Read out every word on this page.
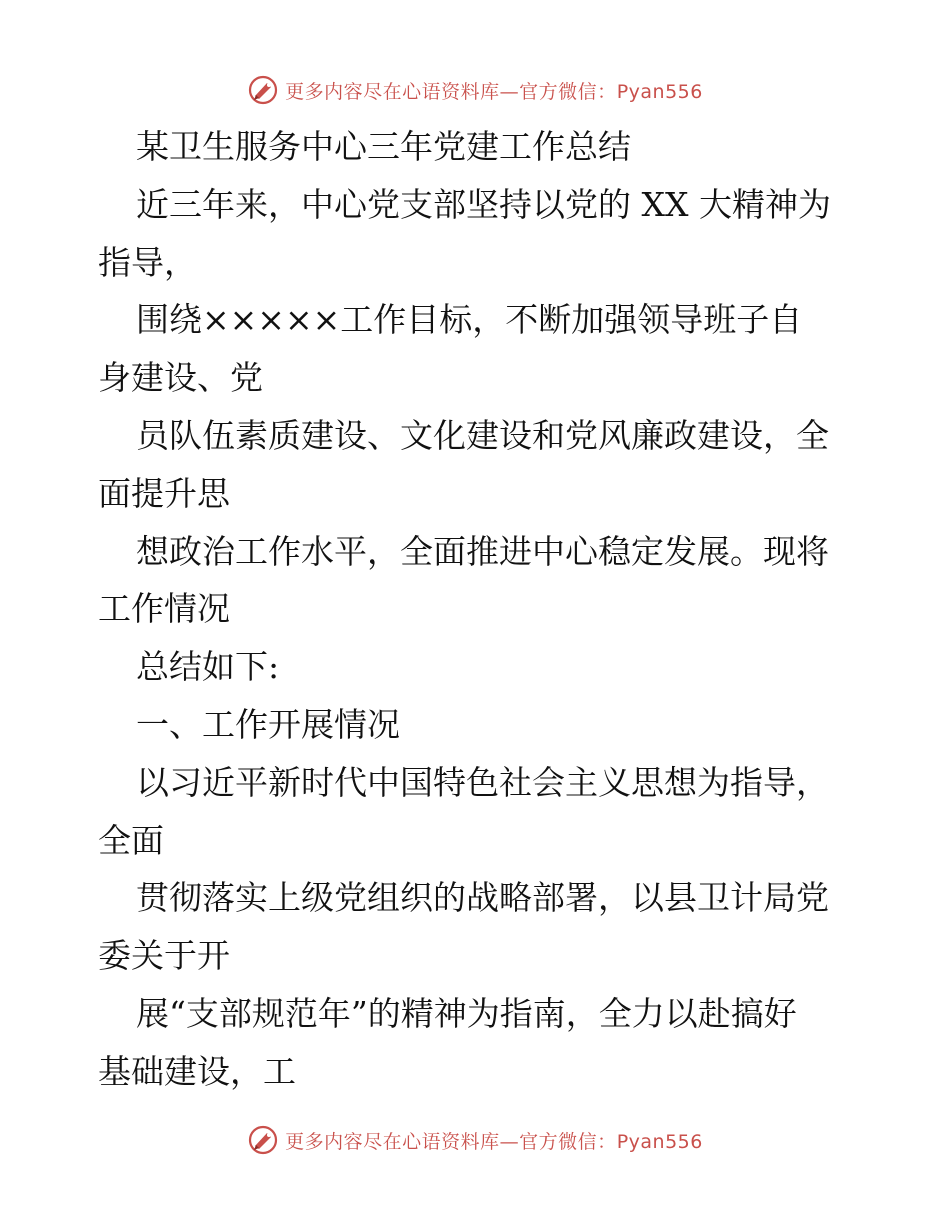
更多内容尽在心语资料库—官方微信：Pyan556
某卫生服务中心三年党建工作总结
近三年来，中心党支部坚持以党的 XX 大精神为
指导，
围绕×××××工作目标，不断加强领导班子自
身建设、党
员队伍素质建设、文化建设和党风廉政建设，全
面提升思
想政治工作水平，全面推进中心稳定发展。现将
工作情况
总结如下:
一、工作开展情况
以习近平新时代中国特色社会主义思想为指导，
全面
贯彻落实上级党组织的战略部署，以县卫计局党
委关于开
展“支部规范年”的精神为指南，全力以赴搞好
基础建设，工
更多内容尽在心语资料库—官方微信：Pyan556
